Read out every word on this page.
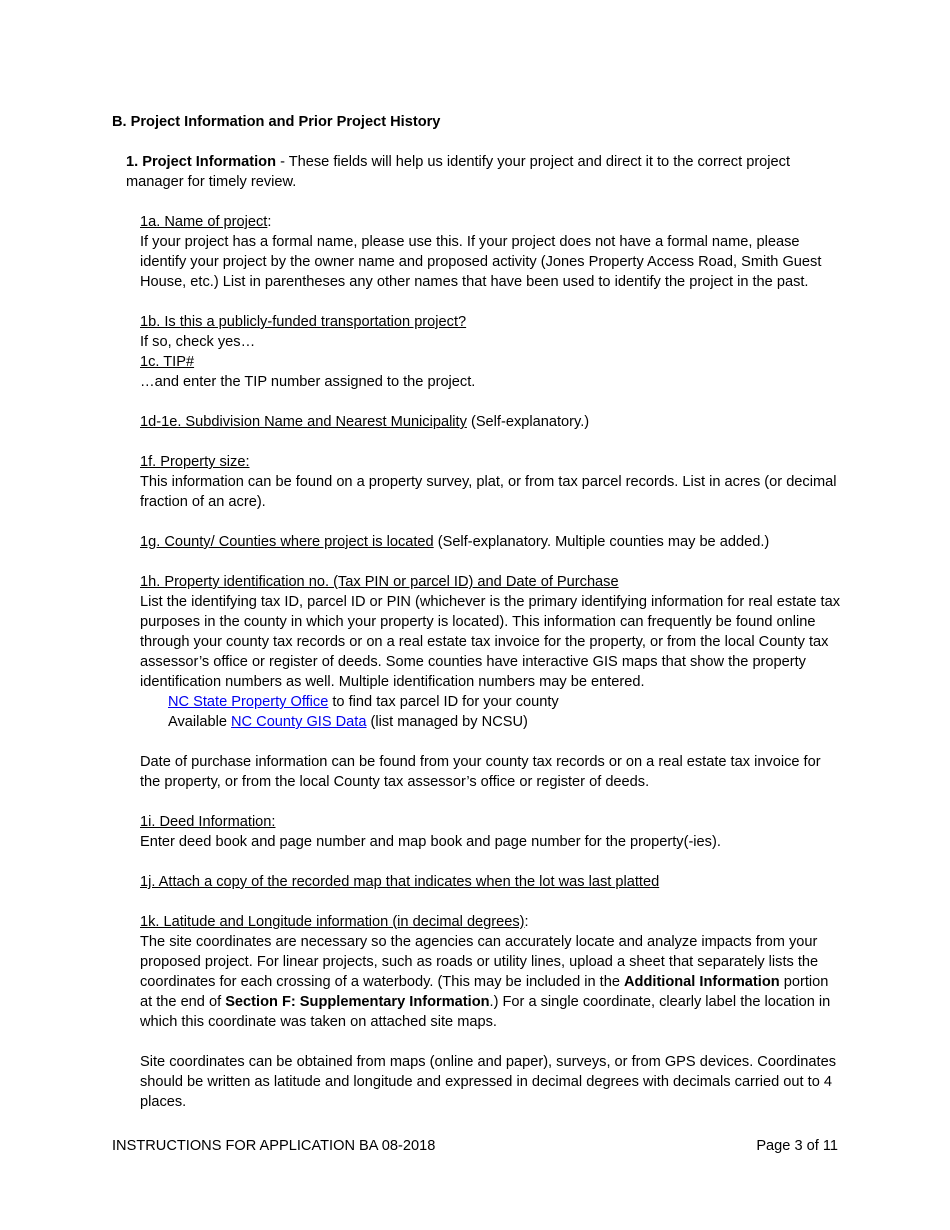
B. Project Information and Prior Project History

1. Project Information - These fields will help us identify your project and direct it to the correct project manager for timely review.

1a. Name of project:

If your project has a formal name, please use this. If your project does not have a formal name, please identify your project by the owner name and proposed activity (Jones Property Access Road, Smith Guest House, etc.) List in parentheses any other names that have been used to identify the project in the past.

1b. Is this a publicly-funded transportation project?

If so, check yes…

1c. TIP#

…and enter the TIP number assigned to the project.

1d-1e. Subdivision Name and Nearest Municipality (Self-explanatory.)

1f. Property size:

This information can be found on a property survey, plat, or from tax parcel records. List in acres (or decimal fraction of an acre).

1g. County/ Counties where project is located (Self-explanatory. Multiple counties may be added.)

1h. Property identification no. (Tax PIN or parcel ID) and Date of Purchase

List the identifying tax ID, parcel ID or PIN (whichever is the primary identifying information for real estate tax purposes in the county in which your property is located). This information can frequently be found online through your county tax records or on a real estate tax invoice for the property, or from the local County tax assessor’s office or register of deeds. Some counties have interactive GIS maps that show the property identification numbers as well. Multiple identification numbers may be entered.

NC State Property Office to find tax parcel ID for your county

Available NC County GIS Data (list managed by NCSU)

Date of purchase information can be found from your county tax records or on a real estate tax invoice for the property, or from the local County tax assessor’s office or register of deeds.

1i. Deed Information:

Enter deed book and page number and map book and page number for the property(-ies).

1j. Attach a copy of the recorded map that indicates when the lot was last platted

1k. Latitude and Longitude information (in decimal degrees):

The site coordinates are necessary so the agencies can accurately locate and analyze impacts from your proposed project. For linear projects, such as roads or utility lines, upload a sheet that separately lists the coordinates for each crossing of a waterbody. (This may be included in the Additional Information portion at the end of Section F: Supplementary Information.) For a single coordinate, clearly label the location in which this coordinate was taken on attached site maps.

Site coordinates can be obtained from maps (online and paper), surveys, or from GPS devices. Coordinates should be written as latitude and longitude and expressed in decimal degrees with decimals carried out to 4 places.

INSTRUCTIONS FOR APPLICATION BA 08-2018	Page 3 of 11
